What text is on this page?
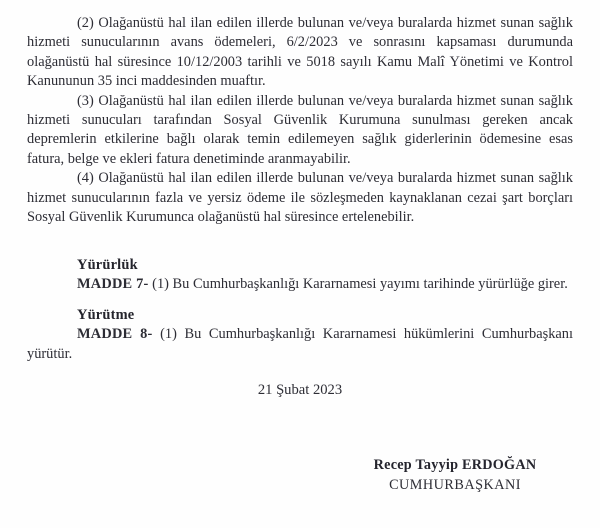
(2) Olağanüstü hal ilan edilen illerde bulunan ve/veya buralarda hizmet sunan sağlık hizmeti sunucularının avans ödemeleri, 6/2/2023 ve sonrasını kapsaması durumunda olağanüstü hal süresince 10/12/2003 tarihli ve 5018 sayılı Kamu Malî Yönetimi ve Kontrol Kanununun 35 inci maddesinden muaftır.

(3) Olağanüstü hal ilan edilen illerde bulunan ve/veya buralarda hizmet sunan sağlık hizmeti sunucuları tarafından Sosyal Güvenlik Kurumuna sunulması gereken ancak depremlerin etkilerine bağlı olarak temin edilemeyen sağlık giderlerinin ödemesine esas fatura, belge ve ekleri fatura denetiminde aranmayabilir.

(4) Olağanüstü hal ilan edilen illerde bulunan ve/veya buralarda hizmet sunan sağlık hizmet sunucularının fazla ve yersiz ödeme ile sözleşmeden kaynaklanan cezai şart borçları Sosyal Güvenlik Kurumunca olağanüstü hal süresince ertelenebilir.

Yürürlük
MADDE 7- (1) Bu Cumhurbaşkanlığı Kararnamesi yayımı tarihinde yürürlüğe girer.
Yürütme
MADDE 8- (1) Bu Cumhurbaşkanlığı Kararnamesi hükümlerini Cumhurbaşkanı
yürütür.
21 Şubat 2023
Recep Tayyip ERDOĞAN
CUMHURBAŞKANI
